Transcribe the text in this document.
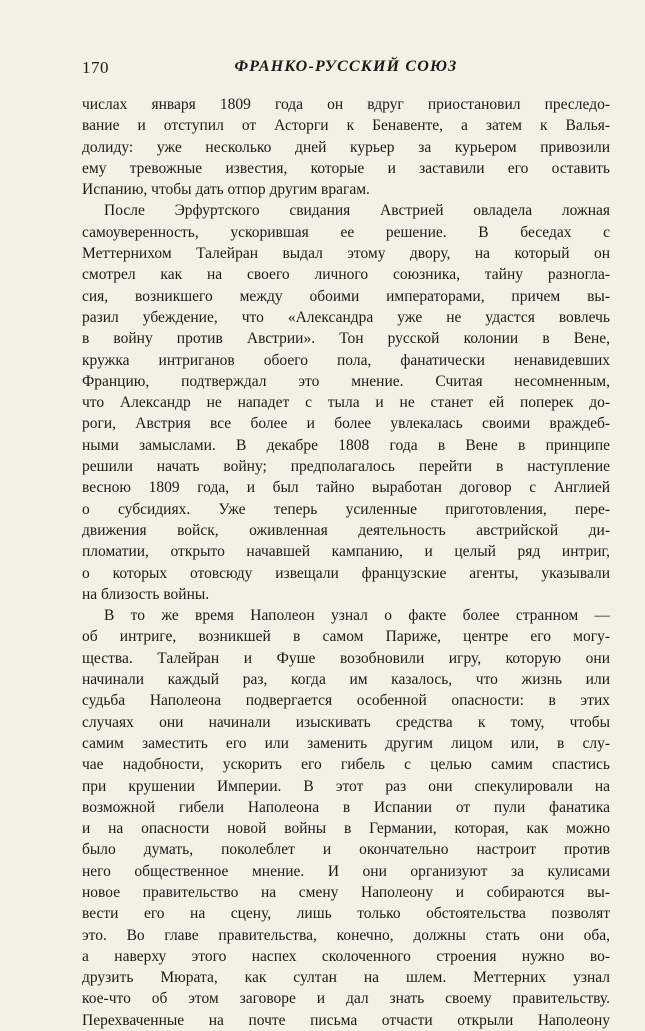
170	ФРАНКО-РУССКИЙ СОЮЗ

числах января 1809 года он вдруг приостановил преследо-

вание и отступил от Асторги к Бенавенте, а затем к Валья-

долиду: уже несколько дней курьер за курьером привозили

ему тревожные известия, которые и заставили его оставить

Испанию, чтобы дать отпор другим врагам.

После Эрфуртского свидания Австрией овладела ложная

самоуверенность, ускорившая ее решение. В беседах с

Меттернихом Талейран выдал этому двору, на который он

смотрел как на своего личного союзника, тайну разногла-

сия, возникшего между обоими императорами, причем вы-

разил убеждение, что «Александра уже не удастся вовлечь

в войну против Австрии». Тон русской колонии в Вене,

кружка интриганов обоего пола, фанатически ненавидевших

Францию, подтверждал это мнение. Считая несомненным,

что Александр не нападет с тыла и не станет ей поперек до-

роги, Австрия все более и более увлекалась своими враждеб-

ными замыслами. В декабре 1808 года в Вене в принципе

решили начать войну; предполагалось перейти в наступление

весною 1809 года, и был тайно выработан договор с Англией

о субсидиях. Уже теперь усиленные приготовления, пере-

движения войск, оживленная деятельность австрийской ди-

пломатии, открыто начавшей кампанию, и целый ряд интриг,

о которых отовсюду извещали французские агенты, указывали

на близость войны.

В то же время Наполеон узнал о факте более странном —

об интриге, возникшей в самом Париже, центре его могу-

щества. Талейран и Фуше возобновили игру, которую они

начинали каждый раз, когда им казалось, что жизнь или

судьба Наполеона подвергается особенной опасности: в этих

случаях они начинали изыскивать средства к тому, чтобы

самим заместить его или заменить другим лицом или, в слу-

чае надобности, ускорить его гибель с целью самим спастись

при крушении Империи. В этот раз они спекулировали на

возможной гибели Наполеона в Испании от пули фанатика

и на опасности новой войны в Германии, которая, как можно

было думать, поколеблет и окончательно настроит против

него общественное мнение. И они организуют за кулисами

новое правительство на смену Наполеону и собираются вы-

вести его на сцену, лишь только обстоятельства позволят

это. Во главе правительства, конечно, должны стать они оба,

а наверху этого наспех сколоченного строения нужно во-

друзить Мюрата, как султан на шлем. Меттерних узнал

кое-что об этом заговоре и дал знать своему правительству.

Перехваченные на почте письма отчасти открыли Наполеону
